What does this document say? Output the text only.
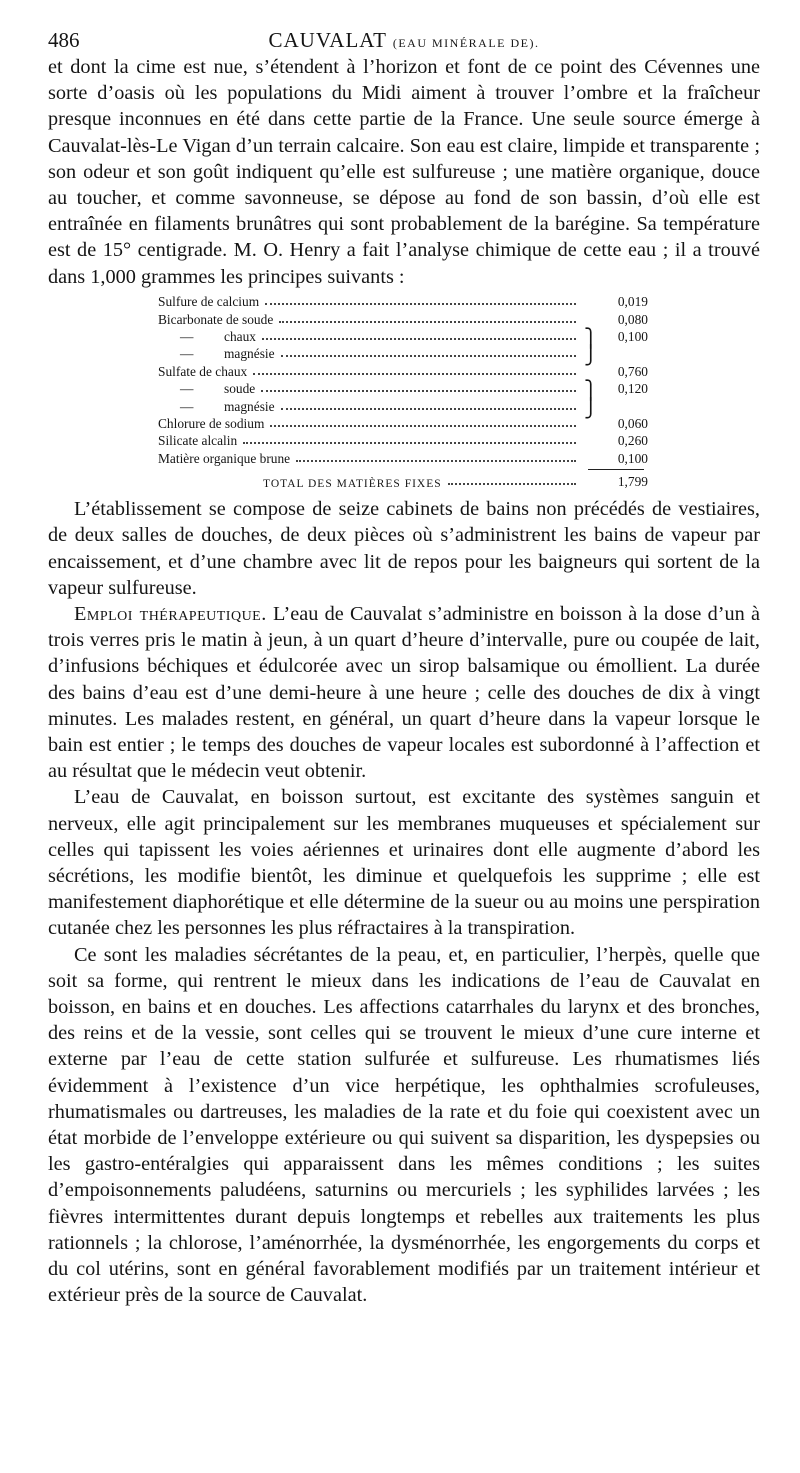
486	CAUVALAT (EAU MINÉRALE DE).

et dont la cime est nue, s’étendent à l’horizon et font de ce point des Cévennes une sorte d’oasis où les populations du Midi aiment à trouver l’ombre et la fraîcheur presque inconnues en été dans cette partie de la France. Une seule source émerge à Cauvalat-lès-Le Vigan d’un terrain calcaire. Son eau est claire, limpide et transparente ; son odeur et son goût indiquent qu’elle est sulfureuse ; une matière organique, douce au toucher, et comme savonneuse, se dépose au fond de son bassin, d’où elle est entraînée en filaments brunâtres qui sont probablement de la barégine. Sa température est de 15° centigrade. M. O. Henry a fait l’analyse chimique de cette eau ; il a trouvé dans 1,000 grammes les principes suivants :

Sulfure de calcium	0,019
Bicarbonate de soude	0,080
— chaux	⎫	0,100
— magnésie	⎭
Sulfate de chaux	0,760
— soude	⎫	0,120
— magnésie	⎭
Chlorure de sodium	0,060
Silicate alcalin	0,260
Matière organique brune	0,100
TOTAL DES MATIÈRES FIXES	1,799

L’établissement se compose de seize cabinets de bains non précédés de vestiaires, de deux salles de douches, de deux pièces où s’administrent les bains de vapeur par encaissement, et d’une chambre avec lit de repos pour les baigneurs qui sortent de la vapeur sulfureuse.

Emploi thérapeutique. L’eau de Cauvalat s’administre en boisson à la dose d’un à trois verres pris le matin à jeun, à un quart d’heure d’intervalle, pure ou coupée de lait, d’infusions béchiques et édulcorée avec un sirop balsamique ou émollient. La durée des bains d’eau est d’une demi-heure à une heure ; celle des douches de dix à vingt minutes. Les malades restent, en général, un quart d’heure dans la vapeur lorsque le bain est entier ; le temps des douches de vapeur locales est subordonné à l’affection et au résultat que le médecin veut obtenir.

L’eau de Cauvalat, en boisson surtout, est excitante des systèmes sanguin et nerveux, elle agit principalement sur les membranes muqueuses et spécialement sur celles qui tapissent les voies aériennes et urinaires dont elle augmente d’abord les sécrétions, les modifie bientôt, les diminue et quelquefois les supprime ; elle est manifestement diaphorétique et elle détermine de la sueur ou au moins une perspiration cutanée chez les personnes les plus réfractaires à la transpiration.

Ce sont les maladies sécrétantes de la peau, et, en particulier, l’herpès, quelle que soit sa forme, qui rentrent le mieux dans les indications de l’eau de Cauvalat en boisson, en bains et en douches. Les affections catarrhales du larynx et des bronches, des reins et de la vessie, sont celles qui se trouvent le mieux d’une cure interne et externe par l’eau de cette station sulfurée et sulfureuse. Les rhumatismes liés évidemment à l’existence d’un vice herpétique, les ophthalmies scrofuleuses, rhumatismales ou dartreuses, les maladies de la rate et du foie qui coexistent avec un état morbide de l’enveloppe extérieure ou qui suivent sa disparition, les dyspepsies ou les gastro-entéralgies qui apparaissent dans les mêmes conditions ; les suites d’empoisonnements paludéens, saturnins ou mercuriels ; les syphilides larvées ; les fièvres intermittentes durant depuis longtemps et rebelles aux traitements les plus rationnels ; la chlorose, l’aménorrhée, la dysménorrhée, les engorgements du corps et du col utérins, sont en général favorablement modifiés par un traitement intérieur et extérieur près de la source de Cauvalat.
